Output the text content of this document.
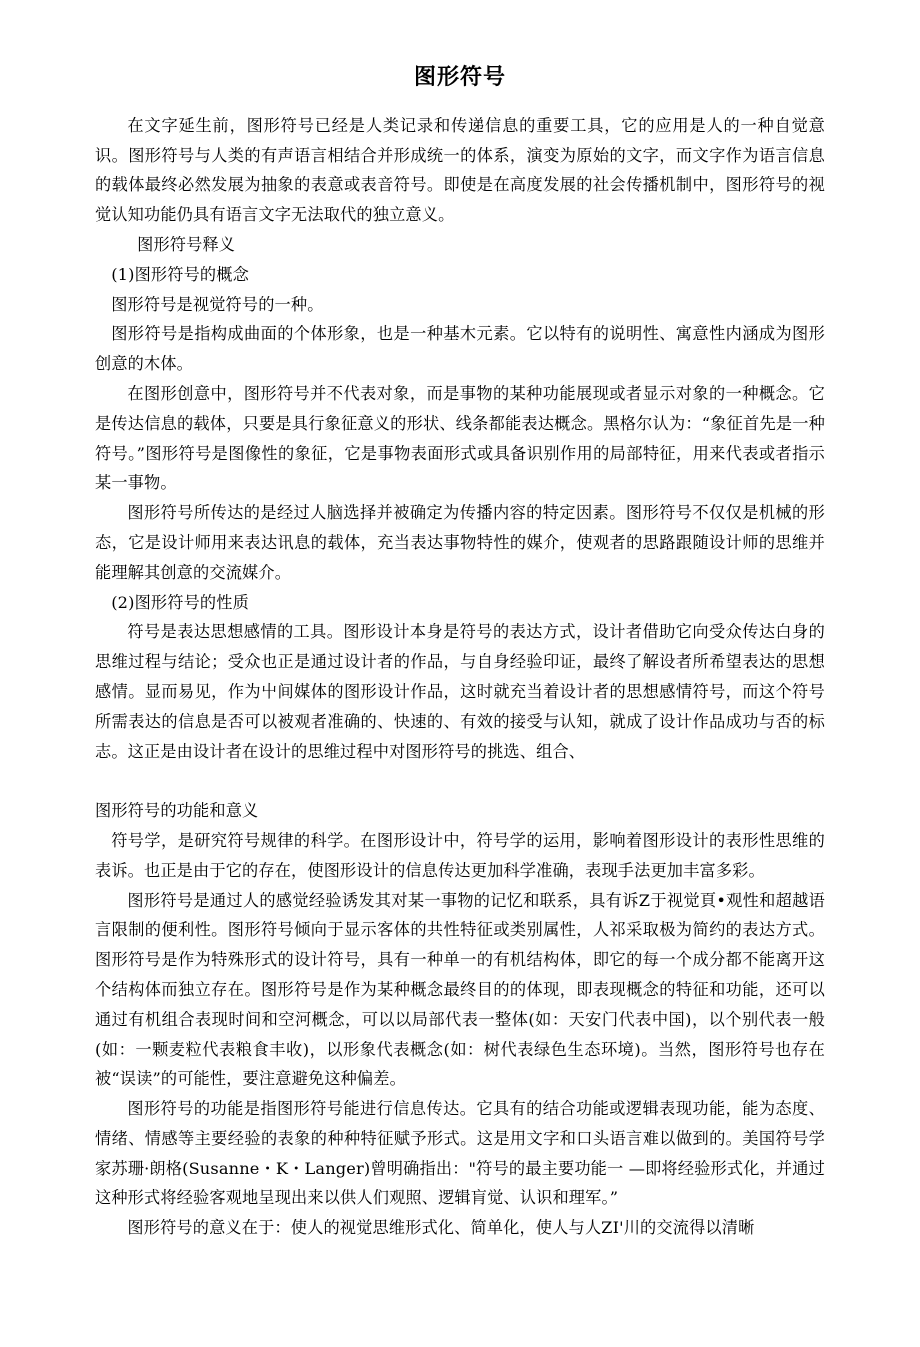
图形符号

在文字延生前，图形符号已经是人类记录和传递信息的重要工具，它的应用是人的一种自觉意识。图形符号与人类的有声语言相结合并形成统一的体系，演变为原始的文字，而文字作为语言信息的载体最终必然发展为抽象的表意或表音符号。即使是在高度发展的社会传播机制中，图形符号的视觉认知功能仍具有语言文字无法取代的独立意义。

图形符号释义

(1)图形符号的概念

图形符号是视觉符号的一种。

图形符号是指构成曲面的个体形象，也是一种基木元素。它以特有的说明性、寓意性内涵成为图形创意的木体。

在图形创意中，图形符号并不代表对象，而是事物的某种功能展现或者显示对象的一种概念。它是传达信息的载体，只要是具行象征意义的形状、线条都能表达概念。黑格尔认为：“象征首先是一种符号。”图形符号是图像性的象征，它是事物表面形式或具备识别作用的局部特征，用来代表或者指示某一事物。

图形符号所传达的是经过人脑选择并被确定为传播内容的特定因素。图形符号不仅仅是机械的形态，它是设计师用来表达讯息的载体，充当表达事物特性的媒介，使观者的思路跟随设计师的思维并能理解其创意的交流媒介。

(2)图形符号的性质

符号是表达思想感情的工具。图形设计本身是符号的表达方式，设计者借助它向受众传达白身的思维过程与结论；受众也正是通过设计者的作品，与自身经验印证，最终了解设者所希望表达的思想感情。显而易见，作为屮间媒体的图形设计作品，这时就充当着设计者的思想感情符号，而这个符号所需表达的信息是否可以被观者准确的、快速的、有效的接受与认知，就成了设计作品成功与否的标志。这正是由设计者在设计的思维过程中对图形符号的挑选、组合、

图形符号的功能和意义

符号学，是研究符号规律的科学。在图形设计中，符号学的运用，影响着图形设计的表形性思维的表诉。也正是由于它的存在，使图形设计的信息传达更加科学准确，表现手法更加丰富多彩。

图形符号是通过人的感觉经验诱发其对某一事物的记忆和联系，具有诉Z于视觉頁•观性和超越语言限制的便利性。图形符号倾向于显示客体的共性特征或类别属性，人祁采取极为简约的表达方式。图形符号是作为特殊形式的设计符号，具有一种单一的有机结构体，即它的每一个成分都不能离开这个结构体而独立存在。图形符号是作为某种概念最终目的的体现，即表现概念的特征和功能，还可以通过有机组合表现时间和空河概念，可以以局部代表一整体(如：天安门代表中国)，以个别代表一般(如：一颗麦粒代表粮食丰收)，以形象代表概念(如：树代表绿色生态环境)。当然，图形符号也存在被“误读”的可能性，要注意避免这种偏差。

图形符号的功能是指图形符号能进行信息传达。它具有的结合功能或逻辑表现功能，能为态度、情绪、情感等主要经验的表象的种种特征赋予形式。这是用文字和口头语言难以做到的。美国符号学家苏珊·朗格(Susanne・K・Langer)曾明确指出："符号的最主要功能一 —即将经验形式化，并通过这种形式将经验客观地呈现出来以供人们观照、逻辑肓觉、认识和理军。”

图形符号的意义在于：使人的视觉思维形式化、简单化，使人与人ZI'川的交流得以清晰
